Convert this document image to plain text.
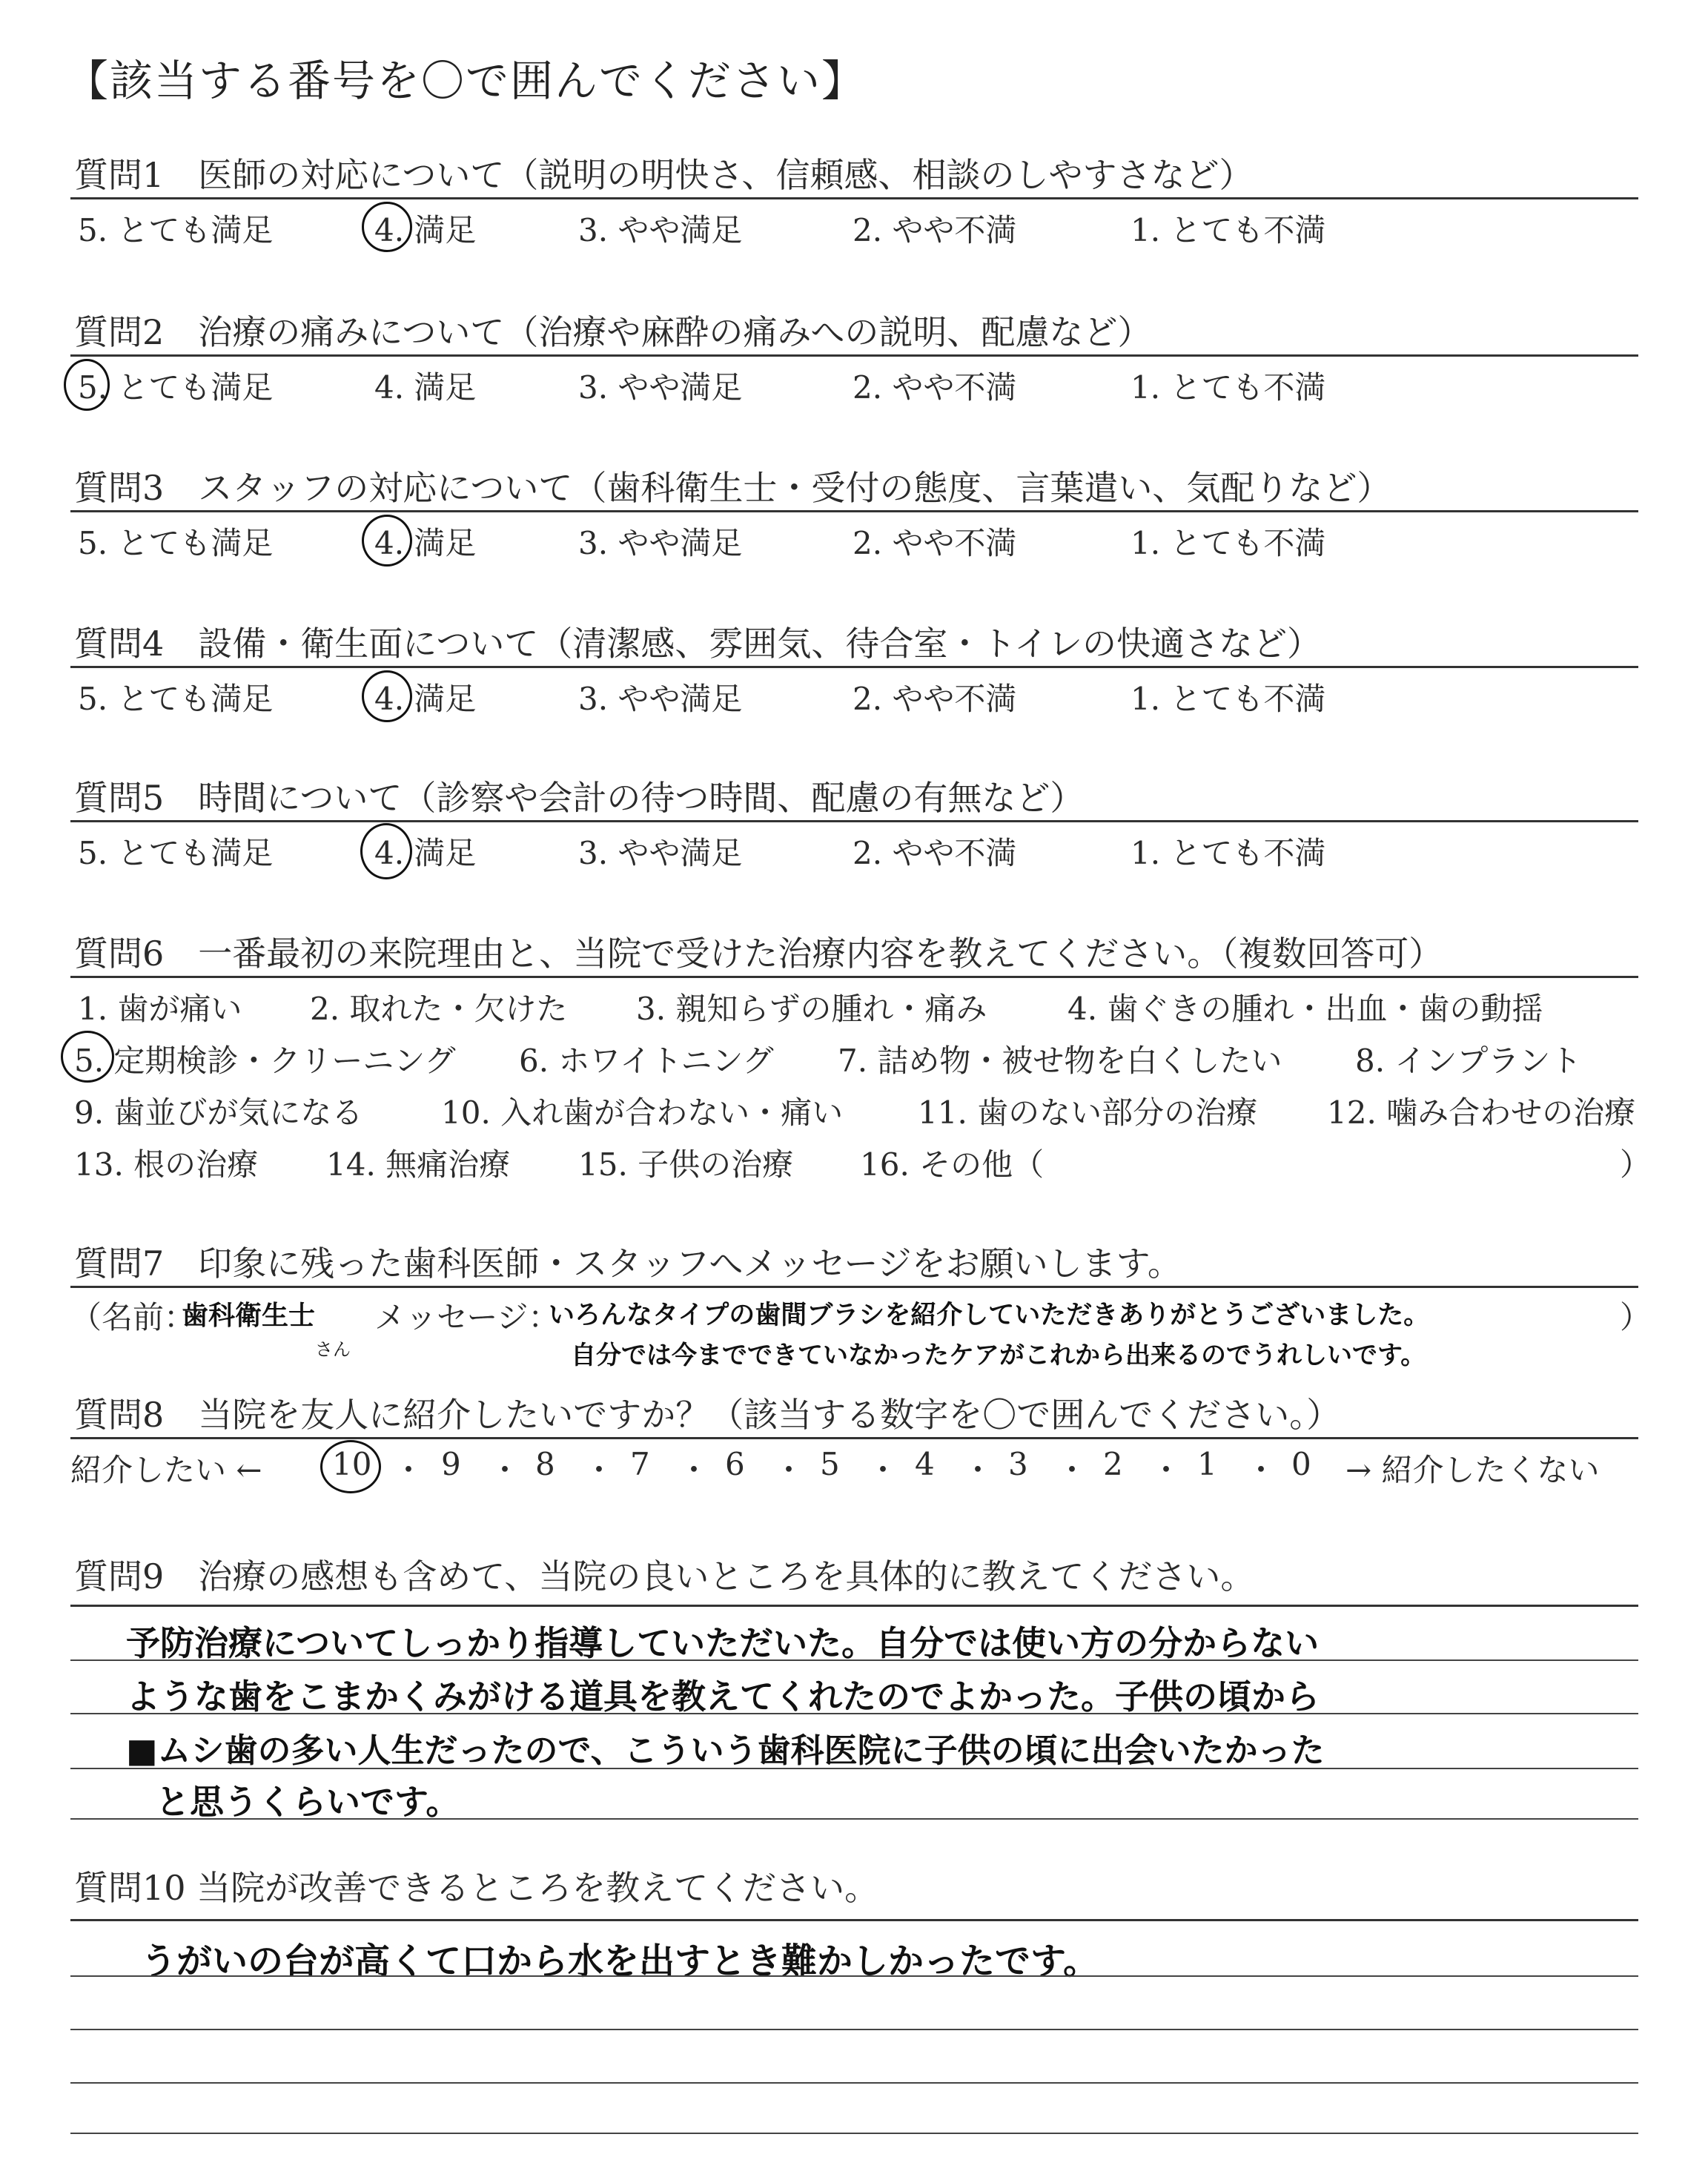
【該当する番号を〇で囲んでください】
質問1　医師の対応について（説明の明快さ、信頼感、相談のしやすさなど）
5. とても満足	4. 満足	3. やや満足	2. やや不満	1. とても不満
質問2　治療の痛みについて（治療や麻酔の痛みへの説明、配慮など）
5. とても満足	4. 満足	3. やや満足	2. やや不満	1. とても不満
質問3　スタッフの対応について（歯科衛生士・受付の態度、言葉遣い、気配りなど）
5. とても満足	4. 満足	3. やや満足	2. やや不満	1. とても不満
質問4　設備・衛生面について（清潔感、雰囲気、待合室・トイレの快適さなど）
5. とても満足	4. 満足	3. やや満足	2. やや不満	1. とても不満
質問5　時間について（診察や会計の待つ時間、配慮の有無など）
5. とても満足	4. 満足	3. やや満足	2. やや不満	1. とても不満
質問6　一番最初の来院理由と、当院で受けた治療内容を教えてください。（複数回答可）
1. 歯が痛い 2. 取れた・欠けた 3. 親知らずの腫れ・痛み	4. 歯ぐきの腫れ・出血・歯の動揺
5. 定期検診・クリーニング 6. ホワイトニング 7. 詰め物・被せ物を白くしたい 8. インプラント
9. 歯並びが気になる	10. 入れ歯が合わない・痛い 11. 歯のない部分の治療 12. 噛み合わせの治療
13. 根の治療 14. 無痛治療 15. 子供の治療 16. その他（	）
質問7　印象に残った歯科医師・スタッフへメッセージをお願いします。
（名前：
歯科衛生士
さん
メッセージ：
いろんなタイプの歯間ブラシを紹介していただきありがとうございました。
自分では今までできていなかったケアがこれから出来るのでうれしいです。
）
質問8　当院を友人に紹介したいですか？（該当する数字を〇で囲んでください。）
紹介したい ← 10 ・ 9 ・ 8 ・ 7 ・ 6 ・ 5 ・ 4 ・ 3 ・ 2 ・ 1 ・ 0 → 紹介したくない
質問9　治療の感想も含めて、当院の良いところを具体的に教えてください。
予防治療についてしっかり指導していただいた。自分では使い方の分からない
ような歯をこまかくみがける道具を教えてくれたのでよかった。子供の頃から
■ムシ歯の多い人生だったので、こういう歯科医院に子供の頃に出会いたかった
と思うくらいです。
質問10 当院が改善できるところを教えてください。
うがいの台が高くて口から水を出すとき難かしかったです。
